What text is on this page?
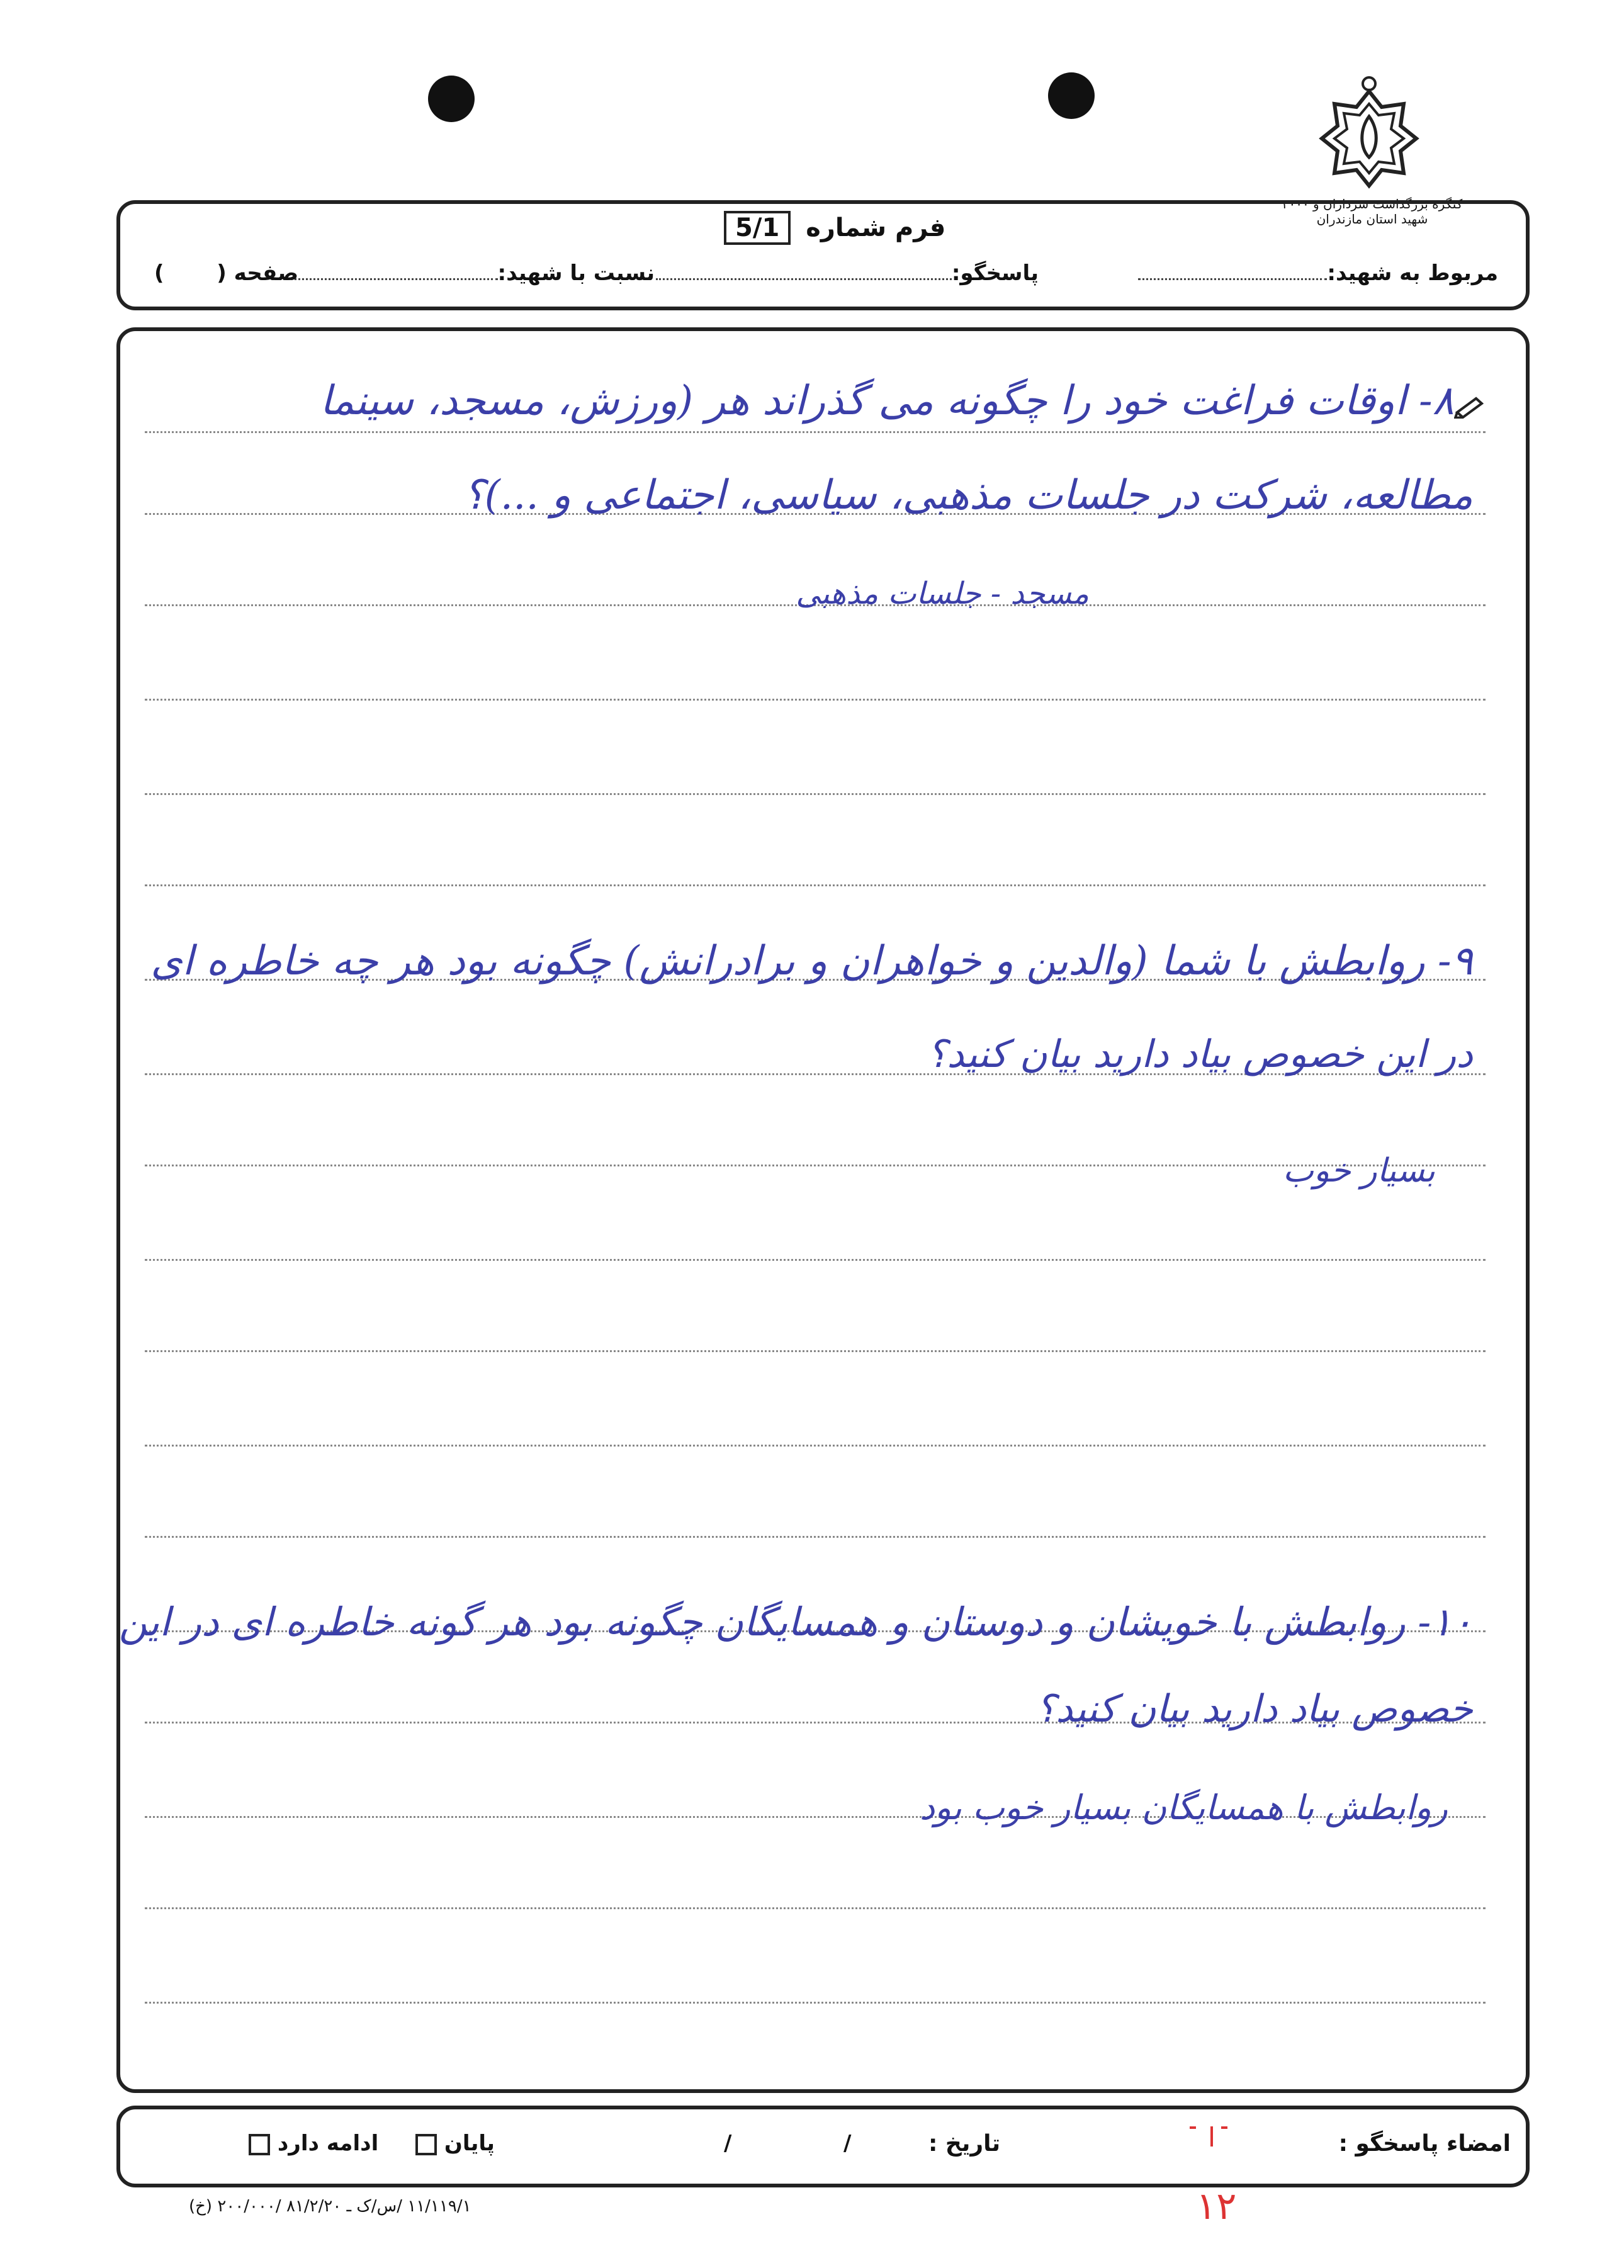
کنگره بزرگداشت سرداران و ۲۰۰۰ شهید استان مازندران
فرم شماره 5/1
مربوط به شهید:
پاسخگو:
نسبت با شهید:
صفحه (  )
۸- اوقات فراغت خود را چگونه می گذراند هر (ورزش، مسجد، سینما
مطالعه، شرکت در جلسات مذهبی، سیاسی، اجتماعی و ...)؟
مسجد - جلسات مذهبی
۹- روابطش با شما (والدین و خواهران و برادرانش) چگونه بود هر چه خاطره ای
در این خصوص بیاد دارید بیان کنید؟
بسیار خوب
۱۰- روابطش با خویشان و دوستان و همسایگان چگونه بود هر گونه خاطره ای در این
خصوص بیاد دارید بیان کنید؟
روابطش با همسایگان بسیار خوب بود
امضاء پاسخگو :
تاریخ :
/
/
پایان
ادامه دارد
۱۱/۱۱۹/۱ /س/ک ـ ۸۱/۲/۲۰ /۲۰۰/۰۰۰ (خ)	۱۲
